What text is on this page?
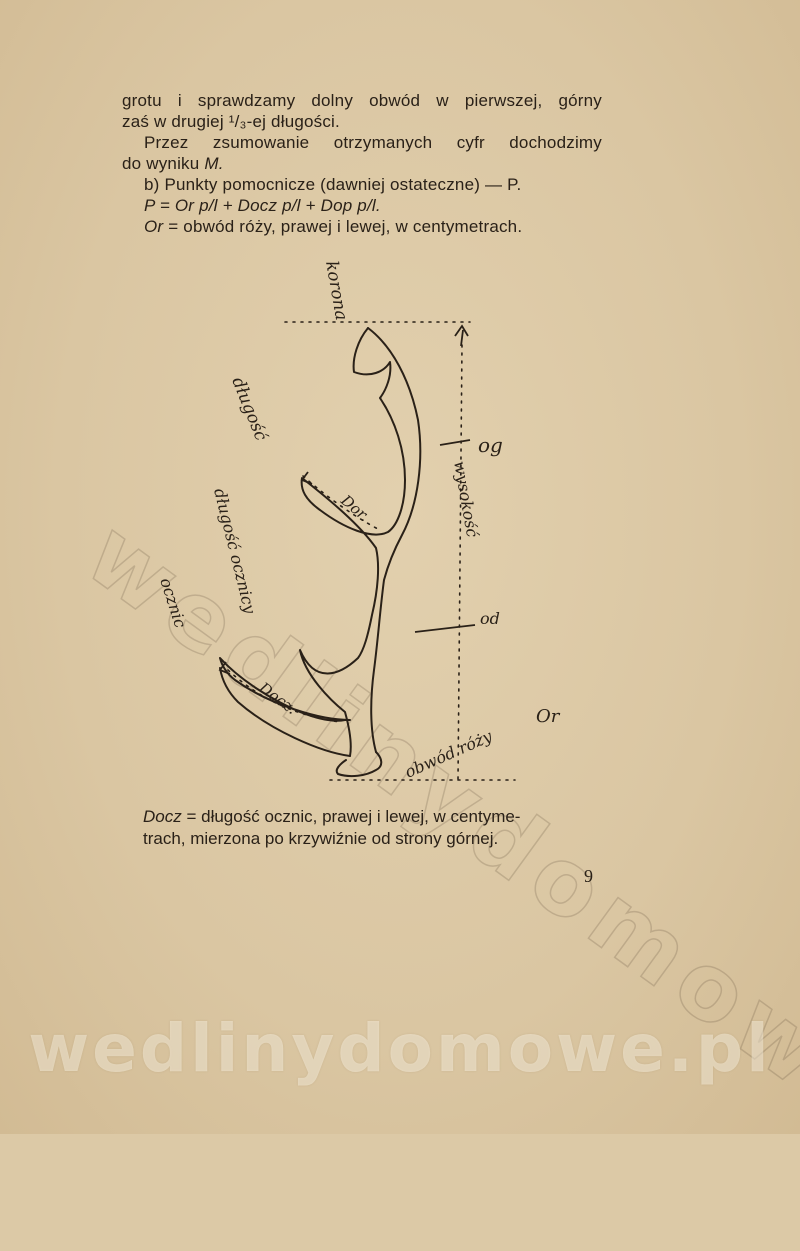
grotu i sprawdzamy dolny obwód w pierwszej, górny

zaś w drugiej ¹/₃-ej długości.

Przez zsumowanie otrzymanych cyfr dochodzimy

do wyniku M.

b) Punkty pomocnicze (dawniej ostateczne) — P.

P = Or p/l + Docz p/l + Dop p/l.

Or = obwód róży, prawej i lewej, w centymetrach.

korona
długość
długość ocznicy
ocznic
Dor.
Docz.
og
od
wysokość
Or
obwód róży

Docz = długość ocznic, prawej i lewej, w centyme-

trach, mierzona po krzywiźnie od strony górnej.

9
wedlinydomowe.pl
